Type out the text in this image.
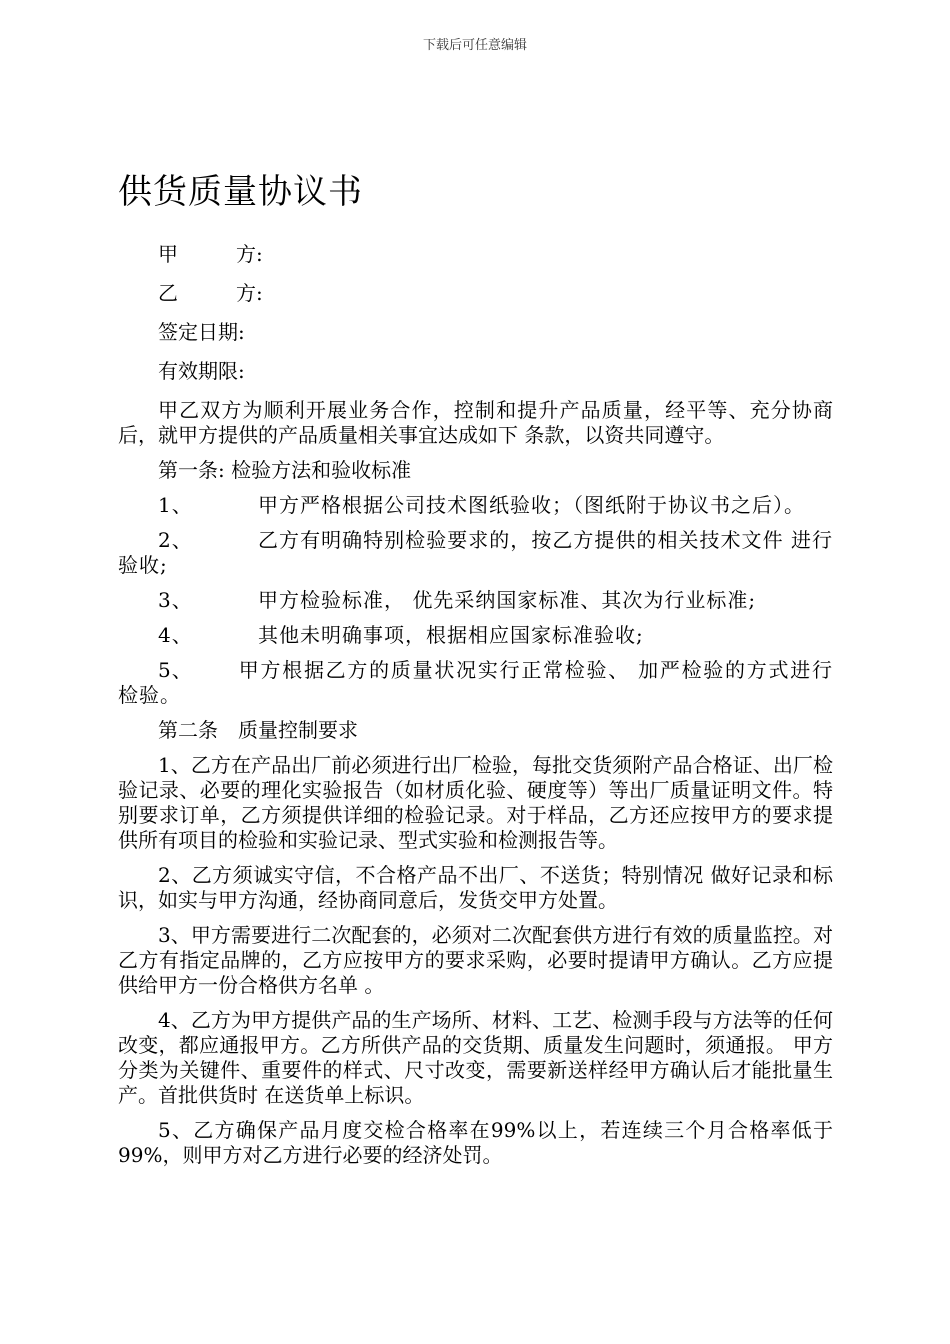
下载后可任意编辑
供货质量协议书
甲	方:
乙	方:
签定日期:
有效期限:

甲乙双方为顺利开展业务合作，控制和提升产品质量，经平等、充分协商后，就甲方提供的产品质量相关事宜达成如下 条款，以资共同遵守。

第一条: 检验方法和验收标准

1、	甲方严格根据公司技术图纸验收；（图纸附于协议书之后）。

2、	乙方有明确特别检验要求的，按乙方提供的相关技术文件 进行验收;

3、	甲方检验标准， 优先采纳国家标准、其次为行业标准;

4、	其他未明确事项，根据相应国家标准验收;

5、 甲方根据乙方的质量状况实行正常检验、 加严检验的方式进行检验。

第二条　质量控制要求

1、乙方在产品出厂前必须进行出厂检验，每批交货须附产品合格证、出厂检验记录、必要的理化实验报告（如材质化验、硬度等）等出厂质量证明文件。特别要求订单，乙方须提供详细的检验记录。对于样品，乙方还应按甲方的要求提供所有项目的检验和实验记录、型式实验和检测报告等。

2、乙方须诚实守信，不合格产品不出厂、不送货；特别情况 做好记录和标识，如实与甲方沟通，经协商同意后，发货交甲方处置。

3、甲方需要进行二次配套的，必须对二次配套供方进行有效的质量监控。对乙方有指定品牌的，乙方应按甲方的要求采购，必要时提请甲方确认。乙方应提供给甲方一份合格供方名单 。

4、乙方为甲方提供产品的生产场所、材料、工艺、检测手段与方法等的任何改变，都应通报甲方。乙方所供产品的交货期、质量发生问题时，须通报。 甲方分类为关键件、重要件的样式、尺寸改变，需要新送样经甲方确认后才能批量生产。首批供货时 在送货单上标识。

5、乙方确保产品月度交检合格率在99%以上，若连续三个月合格率低于99%，则甲方对乙方进行必要的经济处罚。
